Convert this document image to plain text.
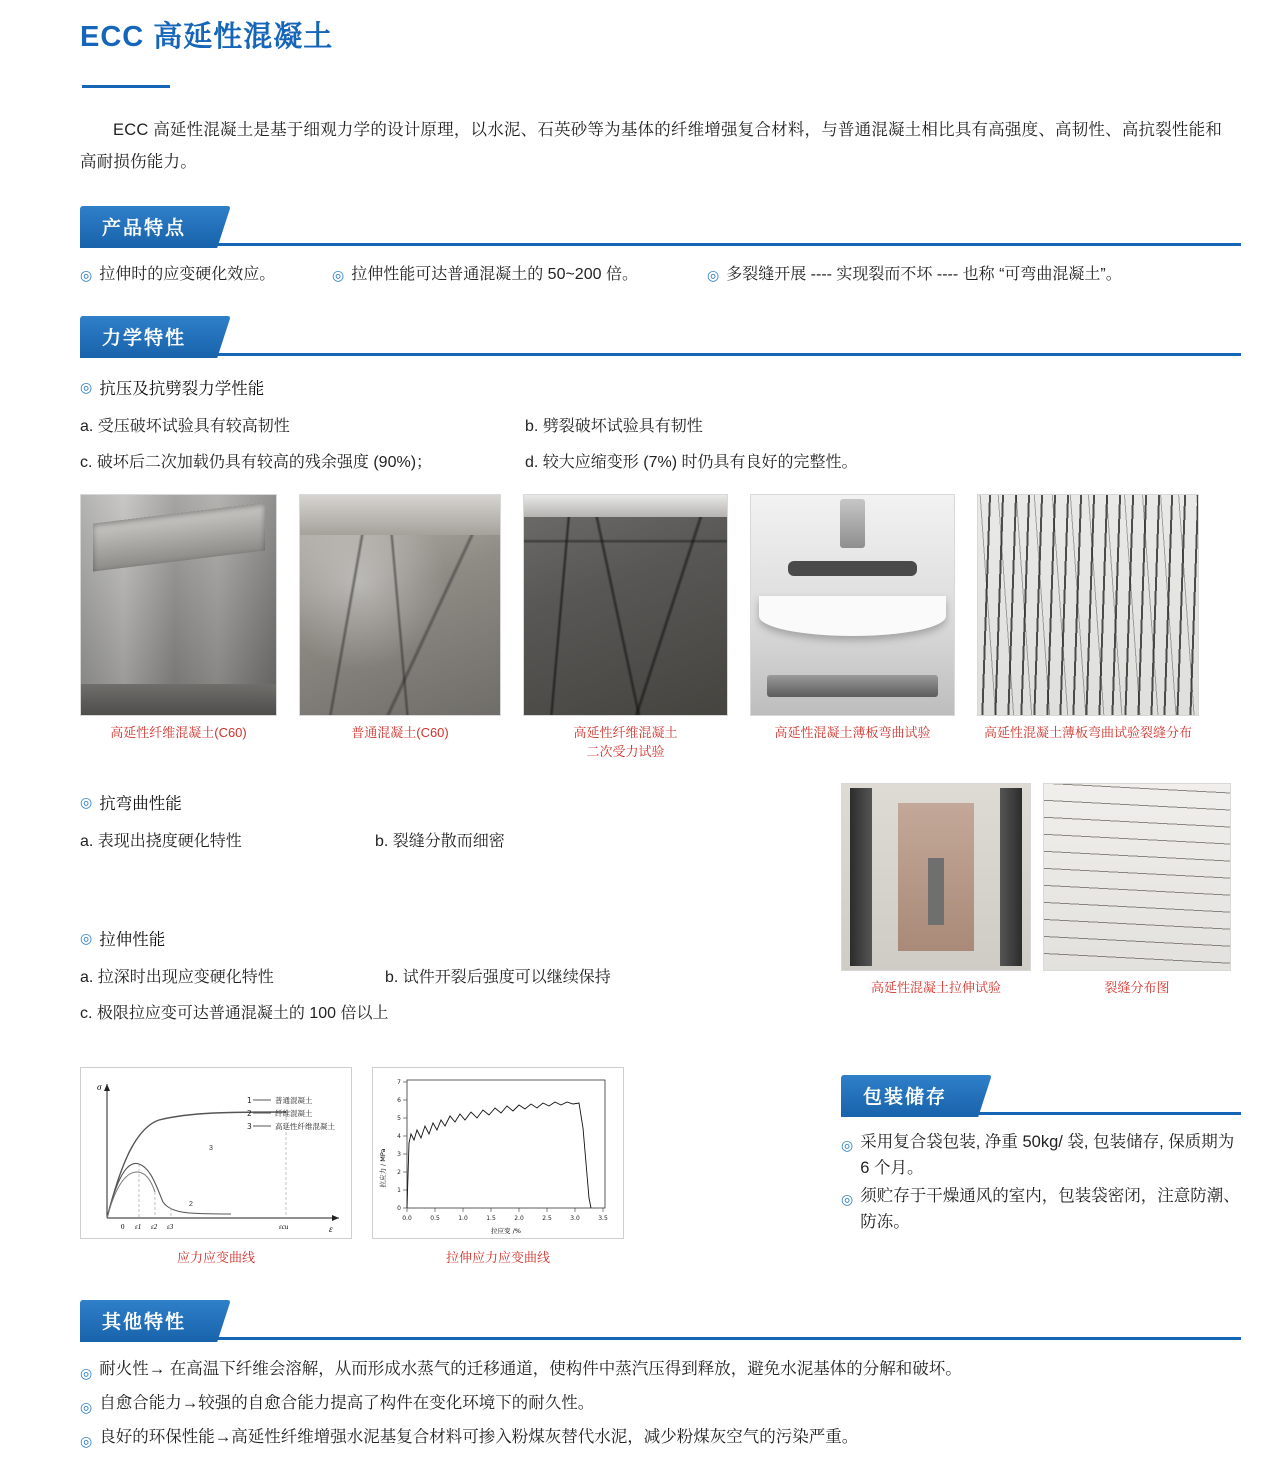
ECC 高延性混凝土

ECC 高延性混凝土是基于细观力学的设计原理，以水泥、石英砂等为基体的纤维增强复合材料，与普通混凝土相比具有高强度、高韧性、高抗裂性能和高耐损伤能力。

产品特点
◎ 拉伸时的应变硬化效应。	◎ 拉伸性能可达普通混凝土的 50~200 倍。	◎ 多裂缝开展 ---- 实现裂而不坏 ---- 也称 “可弯曲混凝土”。
力学特性
◎ 抗压及抗劈裂力学性能
a. 受压破坏试验具有较高韧性	b. 劈裂破坏试验具有韧性
c. 破坏后二次加载仍具有较高的残余强度 (90%)；	d. 较大应缩变形 (7%) 时仍具有良好的完整性。
高延性纤维混凝土(C60)	普通混凝土(C60)	高延性纤维混凝土
二次受力试验
高延性混凝土薄板弯曲试验	高延性混凝土薄板弯曲试验裂缝分布
◎ 抗弯曲性能
a. 表现出挠度硬化特性	b. 裂缝分散而细密
◎ 拉伸性能
a. 拉深时出现应变硬化特性	b. 试件开裂后强度可以继续保持
c. 极限拉应变可达普通混凝土的 100 倍以上
高延性混凝土拉伸试验	裂缝分布图
σ
ε
0 ε1 ε2 ε3	εcu
1	普通混凝土
2	纤维混凝土
3	高延性纤维混凝土
3
2
应力应变曲线
0.0	0.5	1.0	1.5	2.0	2.5	3.0	3.5
0
1
2
3
4
5
6
7
拉应力 / MPa
拉应变 /%
拉伸应力应变曲线
包装储存
◎ 采用复合袋包装, 净重 50kg/ 袋, 包装储存, 保质期为 6 个月。
◎ 须贮存于干燥通风的室内，包装袋密闭，注意防潮、防冻。
其他特性
◎ 耐火性→ 在高温下纤维会溶解，从而形成水蒸气的迁移通道，使构件中蒸汽压得到释放，避免水泥基体的分解和破坏。
◎ 自愈合能力→较强的自愈合能力提高了构件在变化环境下的耐久性。
◎ 良好的环保性能→高延性纤维增强水泥基复合材料可掺入粉煤灰替代水泥，减少粉煤灰空气的污染严重。
